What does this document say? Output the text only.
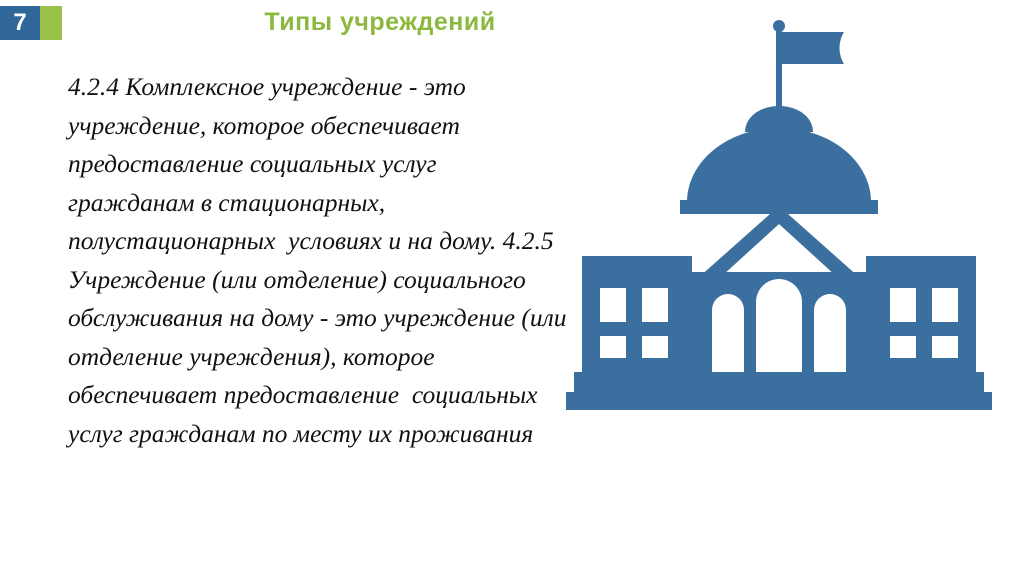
7	Типы учреждений
4.2.4 Комплексное учреждение - это учреждение, которое обеспечивает предоставление социальных услуг гражданам в стационарных, полустационарных  условиях и на дому. 4.2.5 Учреждение (или отделение) социального обслуживания на дому - это учреждение (или отделение учреждения), которое обеспечивает предоставление  социальных услуг гражданам по месту их проживания
